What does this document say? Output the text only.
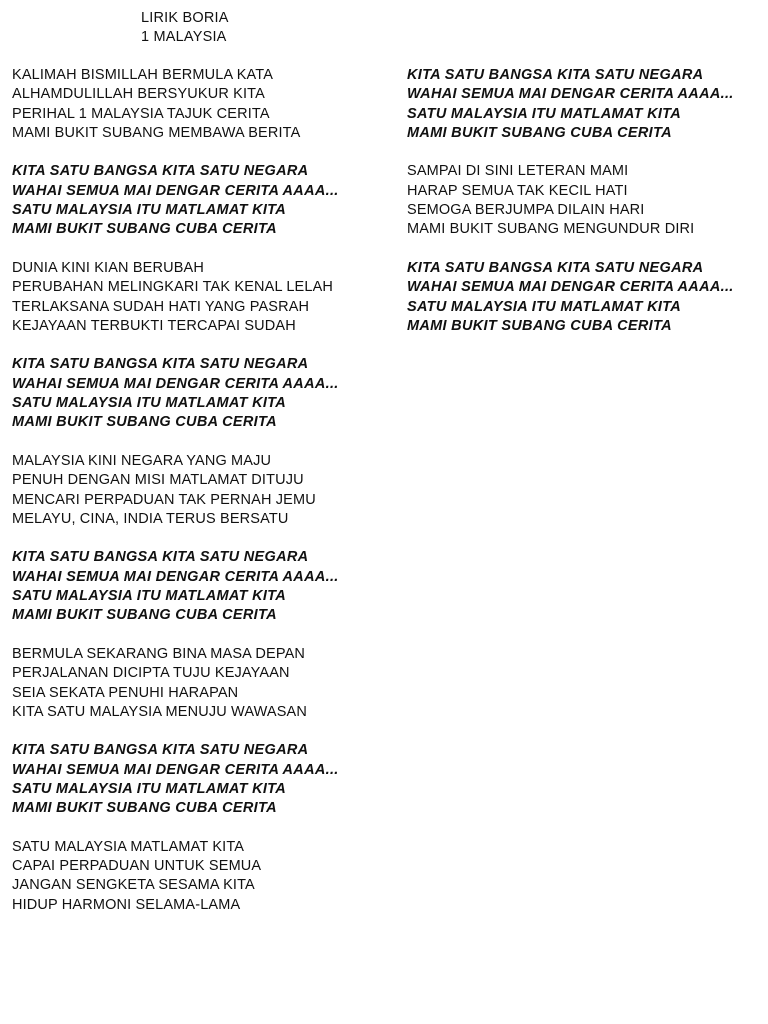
LIRIK BORIA
1 MALAYSIA
KALIMAH BISMILLAH BERMULA KATA
ALHAMDULILLAH BERSYUKUR KITA
PERIHAL 1 MALAYSIA TAJUK CERITA
MAMI BUKIT SUBANG MEMBAWA BERITA
KITA SATU BANGSA KITA SATU NEGARA
WAHAI SEMUA MAI DENGAR CERITA AAAA...
SATU MALAYSIA ITU MATLAMAT KITA
MAMI BUKIT SUBANG CUBA CERITA
DUNIA KINI KIAN BERUBAH
PERUBAHAN MELINGKARI TAK KENAL LELAH
TERLAKSANA SUDAH HATI YANG PASRAH
KEJAYAAN TERBUKTI TERCAPAI SUDAH
KITA SATU BANGSA KITA SATU NEGARA
WAHAI SEMUA MAI DENGAR CERITA AAAA...
SATU MALAYSIA ITU MATLAMAT KITA
MAMI BUKIT SUBANG CUBA CERITA
MALAYSIA KINI NEGARA YANG MAJU
PENUH DENGAN MISI MATLAMAT DITUJU
MENCARI PERPADUAN TAK PERNAH JEMU
MELAYU, CINA, INDIA TERUS BERSATU
KITA SATU BANGSA KITA SATU NEGARA
WAHAI SEMUA MAI DENGAR CERITA AAAA...
SATU MALAYSIA ITU MATLAMAT KITA
MAMI BUKIT SUBANG CUBA CERITA
BERMULA SEKARANG BINA MASA DEPAN
PERJALANAN DICIPTA TUJU KEJAYAAN
SEIA SEKATA PENUHI HARAPAN
KITA SATU MALAYSIA MENUJU WAWASAN
KITA SATU BANGSA KITA SATU NEGARA
WAHAI SEMUA MAI DENGAR CERITA AAAA...
SATU MALAYSIA ITU MATLAMAT KITA
MAMI BUKIT SUBANG CUBA CERITA
SATU MALAYSIA MATLAMAT KITA
CAPAI PERPADUAN UNTUK SEMUA
JANGAN SENGKETA SESAMA KITA
HIDUP HARMONI SELAMA-LAMA
KITA SATU BANGSA KITA SATU NEGARA
WAHAI SEMUA MAI DENGAR CERITA AAAA...
SATU MALAYSIA ITU MATLAMAT KITA
MAMI BUKIT SUBANG CUBA CERITA
SAMPAI DI SINI LETERAN MAMI
HARAP SEMUA TAK KECIL HATI
SEMOGA BERJUMPA DILAIN HARI
MAMI BUKIT SUBANG MENGUNDUR DIRI
KITA SATU BANGSA KITA SATU NEGARA
WAHAI SEMUA MAI DENGAR CERITA AAAA...
SATU MALAYSIA ITU MATLAMAT KITA
MAMI BUKIT SUBANG CUBA CERITA
